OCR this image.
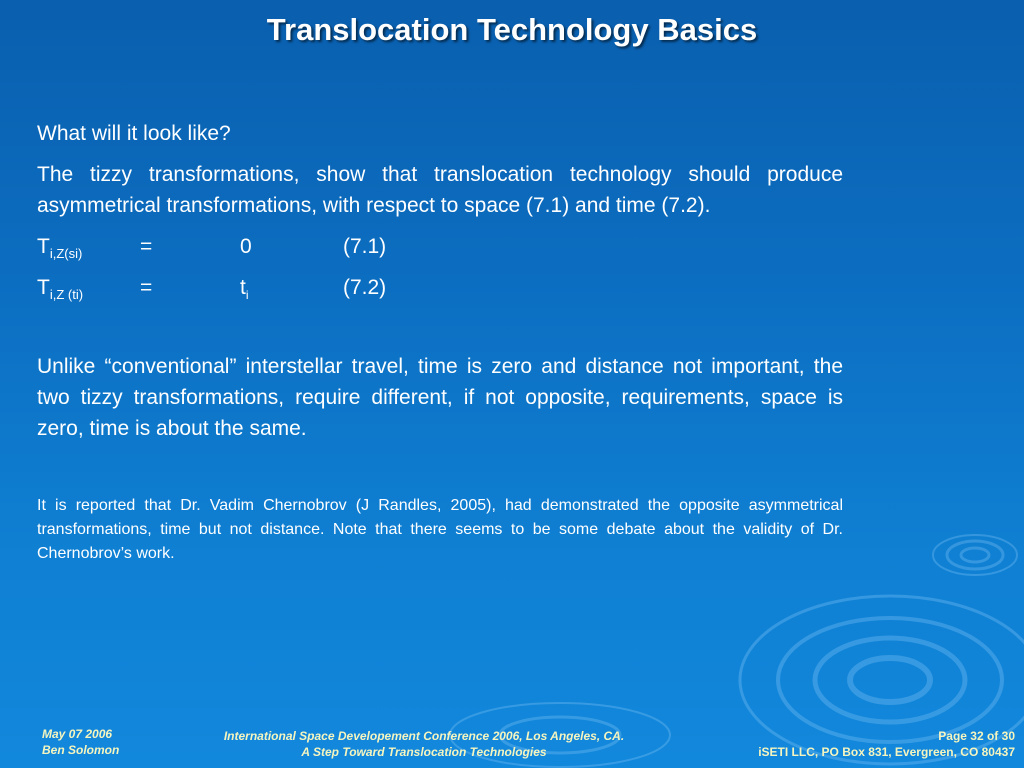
Translocation Technology Basics

What will it look like?

The tizzy transformations, show that translocation technology should produce asymmetrical transformations, with respect to space (7.1) and time (7.2).

$T_{i,Z(si)}$	=	0	(7.1)
$T_{i,Z (ti)}$	=	$t_i$	(7.2)

Unlike “conventional” interstellar travel, time is zero and distance not important, the two tizzy transformations, require different, if not opposite, requirements, space is zero, time is about the same.

It is reported that Dr. Vadim Chernobrov (J Randles, 2005), had demonstrated the opposite asymmetrical transformations, time but not distance. Note that there seems to be some debate about the validity of Dr. Chernobrov’s work.

May 07 2006
Ben Solomon
International Space Developement Conference 2006, Los Angeles, CA.
A Step Toward Translocation Technologies
Page 32 of 30
iSETI LLC, PO Box 831, Evergreen, CO 80437
